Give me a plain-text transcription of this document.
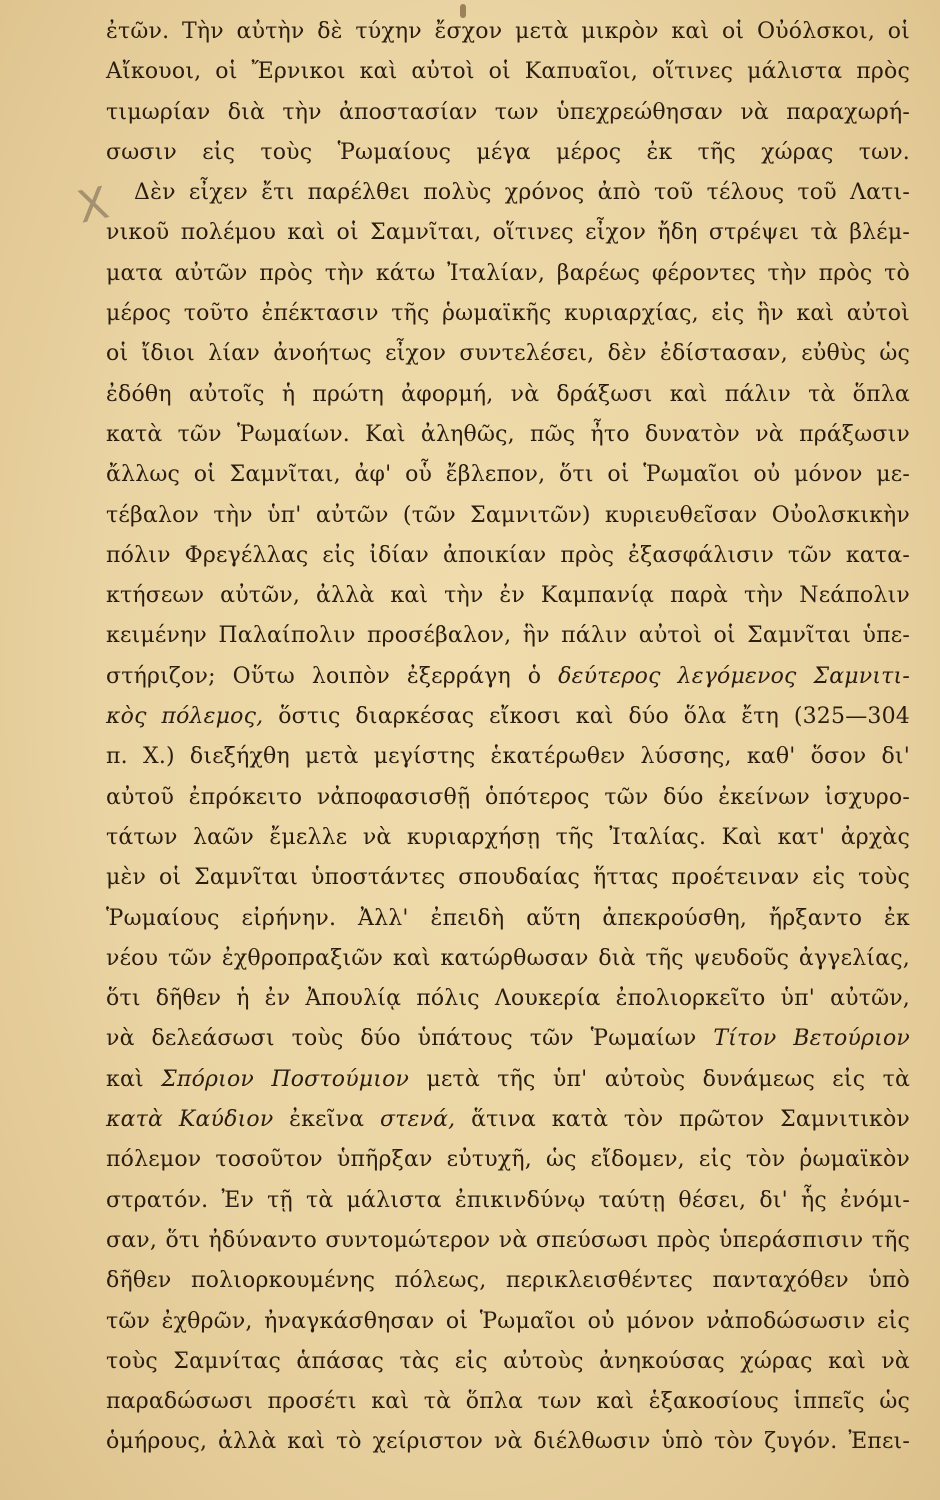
X
ἐτῶν. Τὴν αὐτὴν δὲ τύχην ἔσχον μετὰ μικρὸν καὶ οἱ Οὐόλσκοι, οἱ
Αἴκουοι, οἱ Ἔρνικοι καὶ αὐτοὶ οἱ Καπυαῖοι, οἵτινες μάλιστα πρὸς
τιμωρίαν διὰ τὴν ἀποστασίαν των ὑπεχρεώθησαν νὰ παραχωρή-
σωσιν εἰς τοὺς Ῥωμαίους μέγα μέρος ἐκ τῆς χώρας των.
Δὲν εἶχεν ἔτι παρέλθει πολὺς χρόνος ἀπὸ τοῦ τέλους τοῦ Λατι-
νικοῦ πολέμου καὶ οἱ Σαμνῖται, οἵτινες εἶχον ἤδη στρέψει τὰ βλέμ-
ματα αὐτῶν πρὸς τὴν κάτω Ἰταλίαν, βαρέως φέροντες τὴν πρὸς τὸ
μέρος τοῦτο ἐπέκτασιν τῆς ῥωμαϊκῆς κυριαρχίας, εἰς ἣν καὶ αὐτοὶ
οἱ ἴδιοι λίαν ἀνοήτως εἶχον συντελέσει, δὲν ἐδίστασαν, εὐθὺς ὡς
ἐδόθη αὐτοῖς ἡ πρώτη ἀφορμή, νὰ δράξωσι καὶ πάλιν τὰ ὅπλα
κατὰ τῶν Ῥωμαίων. Καὶ ἀληθῶς, πῶς ἦτο δυνατὸν νὰ πράξωσιν
ἄλλως οἱ Σαμνῖται, ἀφ' οὗ ἔβλεπον, ὅτι οἱ Ῥωμαῖοι οὐ μόνον με-
τέβαλον τὴν ὑπ' αὐτῶν (τῶν Σαμνιτῶν) κυριευθεῖσαν Οὐολσκικὴν
πόλιν Φρεγέλλας εἰς ἰδίαν ἀποικίαν πρὸς ἐξασφάλισιν τῶν κατα-
κτήσεων αὐτῶν, ἀλλὰ καὶ τὴν ἐν Καμπανίᾳ παρὰ τὴν Νεάπολιν
κειμένην Παλαίπολιν προσέβαλον, ἣν πάλιν αὐτοὶ οἱ Σαμνῖται ὑπε-
στήριζον; Οὕτω λοιπὸν ἐξερράγη ὁ δεύτερος λεγόμενος Σαμνιτι-
κὸς πόλεμος, ὅστις διαρκέσας εἴκοσι καὶ δύο ὅλα ἔτη (325—304
π. Χ.) διεξήχθη μετὰ μεγίστης ἑκατέρωθεν λύσσης, καθ' ὅσον δι'
αὐτοῦ ἐπρόκειτο νἀποφασισθῇ ὁπότερος τῶν δύο ἐκείνων ἰσχυρο-
τάτων λαῶν ἔμελλε νὰ κυριαρχήσῃ τῆς Ἰταλίας. Καὶ κατ' ἀρχὰς
μὲν οἱ Σαμνῖται ὑποστάντες σπουδαίας ἥττας προέτειναν εἰς τοὺς
Ῥωμαίους εἰρήνην. Ἀλλ' ἐπειδὴ αὕτη ἀπεκρούσθη, ἤρξαντο ἐκ
νέου τῶν ἐχθροπραξιῶν καὶ κατώρθωσαν διὰ τῆς ψευδοῦς ἀγγελίας,
ὅτι δῆθεν ἡ ἐν Ἀπουλίᾳ πόλις Λουκερία ἐπολιορκεῖτο ὑπ' αὐτῶν,
νὰ δελεάσωσι τοὺς δύο ὑπάτους τῶν Ῥωμαίων Τίτον Βετούριον
καὶ Σπόριον Ποστούμιον μετὰ τῆς ὑπ' αὐτοὺς δυνάμεως εἰς τὰ
κατὰ Καύδιον ἐκεῖνα στενά, ἅτινα κατὰ τὸν πρῶτον Σαμνιτικὸν
πόλεμον τοσοῦτον ὑπῆρξαν εὐτυχῆ, ὡς εἴδομεν, εἰς τὸν ῥωμαϊκὸν
στρατόν. Ἐν τῇ τὰ μάλιστα ἐπικινδύνῳ ταύτῃ θέσει, δι' ἧς ἐνόμι-
σαν, ὅτι ἠδύναντο συντομώτερον νὰ σπεύσωσι πρὸς ὑπεράσπισιν τῆς
δῆθεν πολιορκουμένης πόλεως, περικλεισθέντες πανταχόθεν ὑπὸ
τῶν ἐχθρῶν, ἠναγκάσθησαν οἱ Ῥωμαῖοι οὐ μόνον νἀποδώσωσιν εἰς
τοὺς Σαμνίτας ἁπάσας τὰς εἰς αὐτοὺς ἀνηκούσας χώρας καὶ νὰ
παραδώσωσι προσέτι καὶ τὰ ὅπλα των καὶ ἑξακοσίους ἱππεῖς ὡς
ὁμήρους, ἀλλὰ καὶ τὸ χείριστον νὰ διέλθωσιν ὑπὸ τὸν ζυγόν. Ἐπει-
